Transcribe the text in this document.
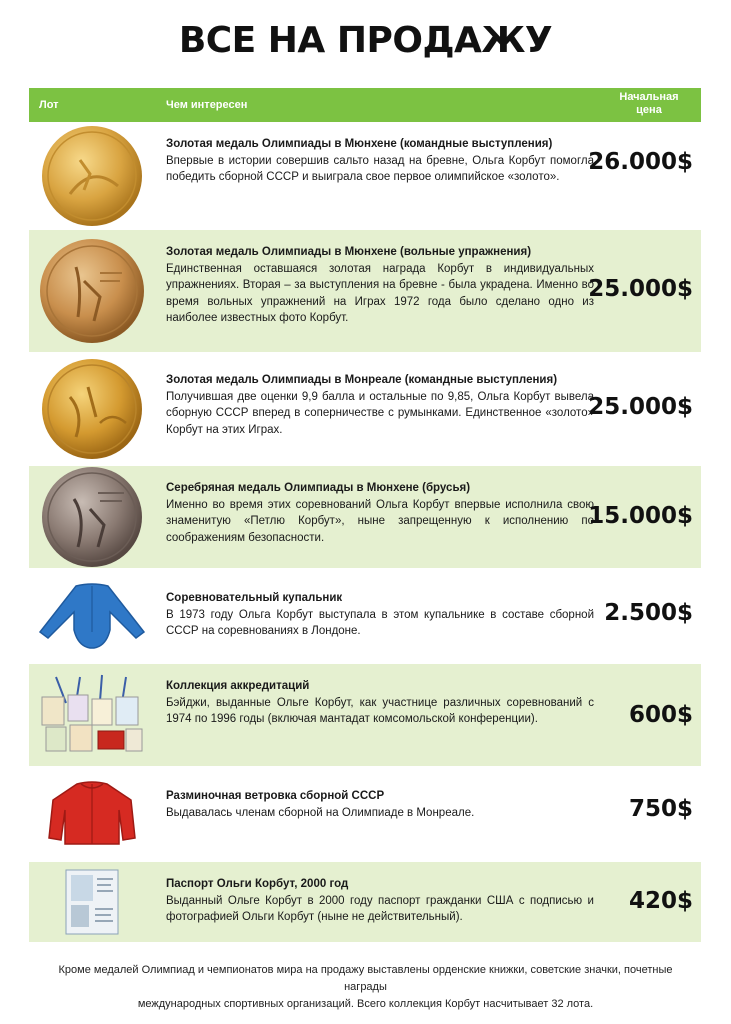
ВСЕ НА ПРОДАЖУ
Лот	Чем интересен
Начальная
цена
Золотая медаль Олимпиады в Мюнхене (командные выступления)
Впервые в истории совершив сальто назад на бревне, Ольга Корбут помогла победить сборной СССР и выиграла свое первое олимпийское «золото».
26.000$
Золотая медаль Олимпиады в Мюнхене (вольные упражнения)
Единственная оставшаяся золотая награда Корбут в индивидуальных упражнениях. Вторая – за выступления на бревне - была украдена. Именно во время вольных упражнений на Играх 1972 года было сделано одно из наиболее известных фото Корбут.
25.000$
Золотая медаль Олимпиады в Монреале (командные выступления)
Получившая две оценки 9,9 балла и остальные по 9,85, Ольга Корбут вывела сборную СССР вперед в соперничестве с румынками. Единственное «золото» Корбут на этих Играх.
25.000$
Серебряная медаль Олимпиады в Мюнхене (брусья)
Именно во время этих соревнований Ольга Корбут впервые исполнила свою знаменитую «Петлю Корбут», ныне запрещенную к исполнению по соображениям безопасности.
15.000$
Соревновательный купальник
В 1973 году Ольга Корбут выступала в этом купальнике в составе сборной СССР на соревнованиях в Лондоне.
2.500$
Коллекция аккредитаций
Бэйджи, выданные Ольге Корбут, как участнице различных соревнований с 1974 по 1996 годы (включая мантадат комсомольской конференции).	600$
Разминочная ветровка сборной СССР
Выдавалась членам сборной на Олимпиаде в Монреале.	750$
Паспорт Ольги Корбут, 2000 год
Выданный Ольге Корбут в 2000 году паспорт гражданки США с подписью и фотографией Ольги Корбут (ныне не действительный).
420$
Кроме медалей Олимпиад и чемпионатов мира на продажу выставлены орденские книжки, советские значки, почетные награды
международных спортивных организаций. Всего коллекция Корбут насчитывает 32 лота.
